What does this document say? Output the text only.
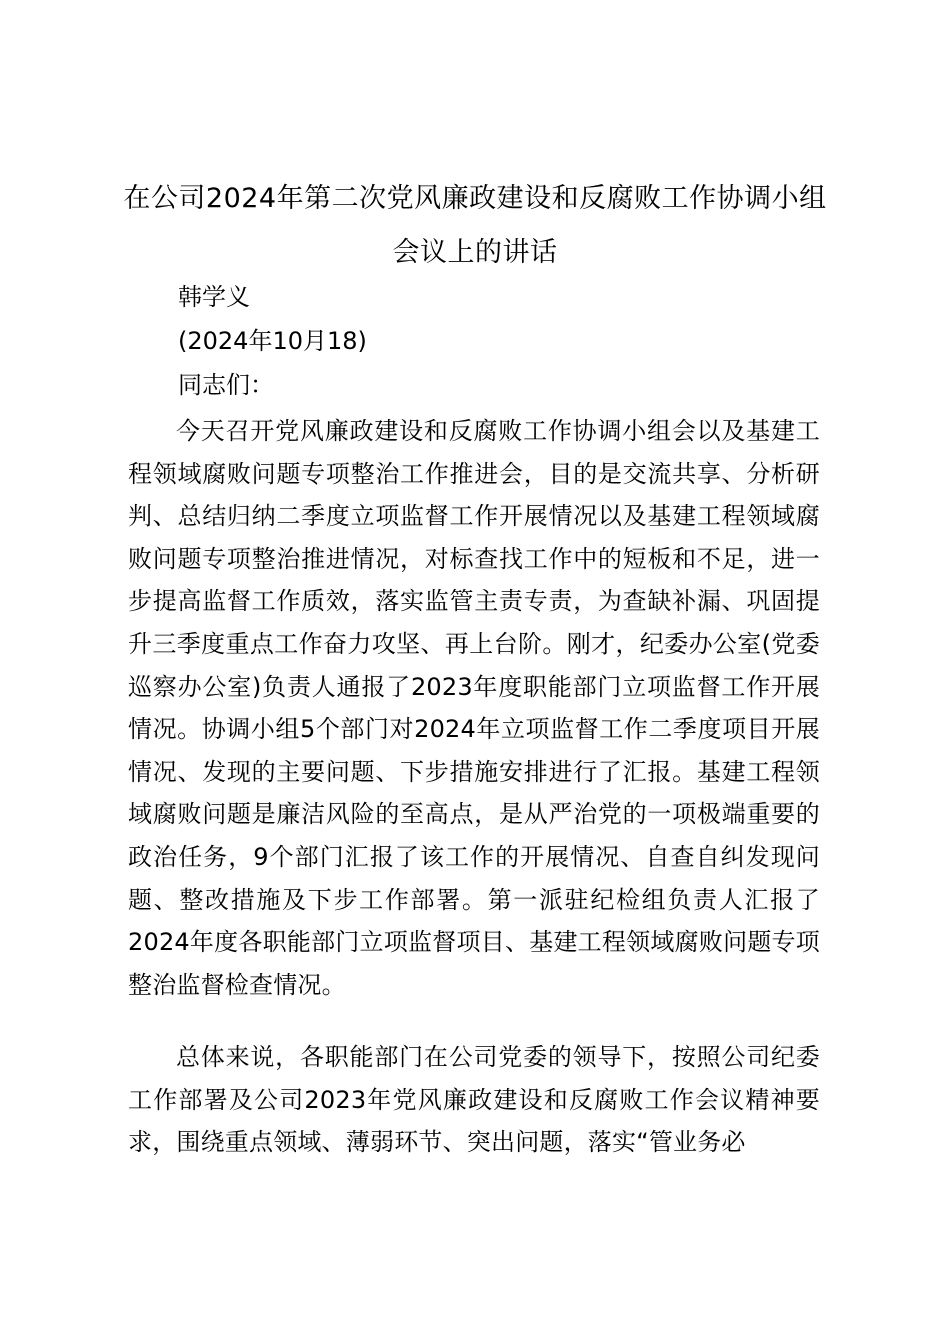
在公司2024年第二次党风廉政建设和反腐败工作协调小组会议上的讲话
韩学义
(2024年10月18)
同志们：

今天召开党风廉政建设和反腐败工作协调小组会以及基建工程领域腐败问题专项整治工作推进会，目的是交流共享、分析研判、总结归纳二季度立项监督工作开展情况以及基建工程领域腐败问题专项整治推进情况，对标查找工作中的短板和不足，进一步提高监督工作质效，落实监管主责专责，为查缺补漏、巩固提升三季度重点工作奋力攻坚、再上台阶。刚才，纪委办公室(党委巡察办公室)负责人通报了2023年度职能部门立项监督工作开展情况。协调小组5个部门对2024年立项监督工作二季度项目开展情况、发现的主要问题、下步措施安排进行了汇报。基建工程领域腐败问题是廉洁风险的至高点，是从严治党的一项极端重要的政治任务，9个部门汇报了该工作的开展情况、自查自纠发现问题、整改措施及下步工作部署。第一派驻纪检组负责人汇报了2024年度各职能部门立项监督项目、基建工程领域腐败问题专项整治监督检查情况。

总体来说，各职能部门在公司党委的领导下，按照公司纪委工作部署及公司2023年党风廉政建设和反腐败工作会议精神要求，围绕重点领域、薄弱环节、突出问题，落实“管业务必
